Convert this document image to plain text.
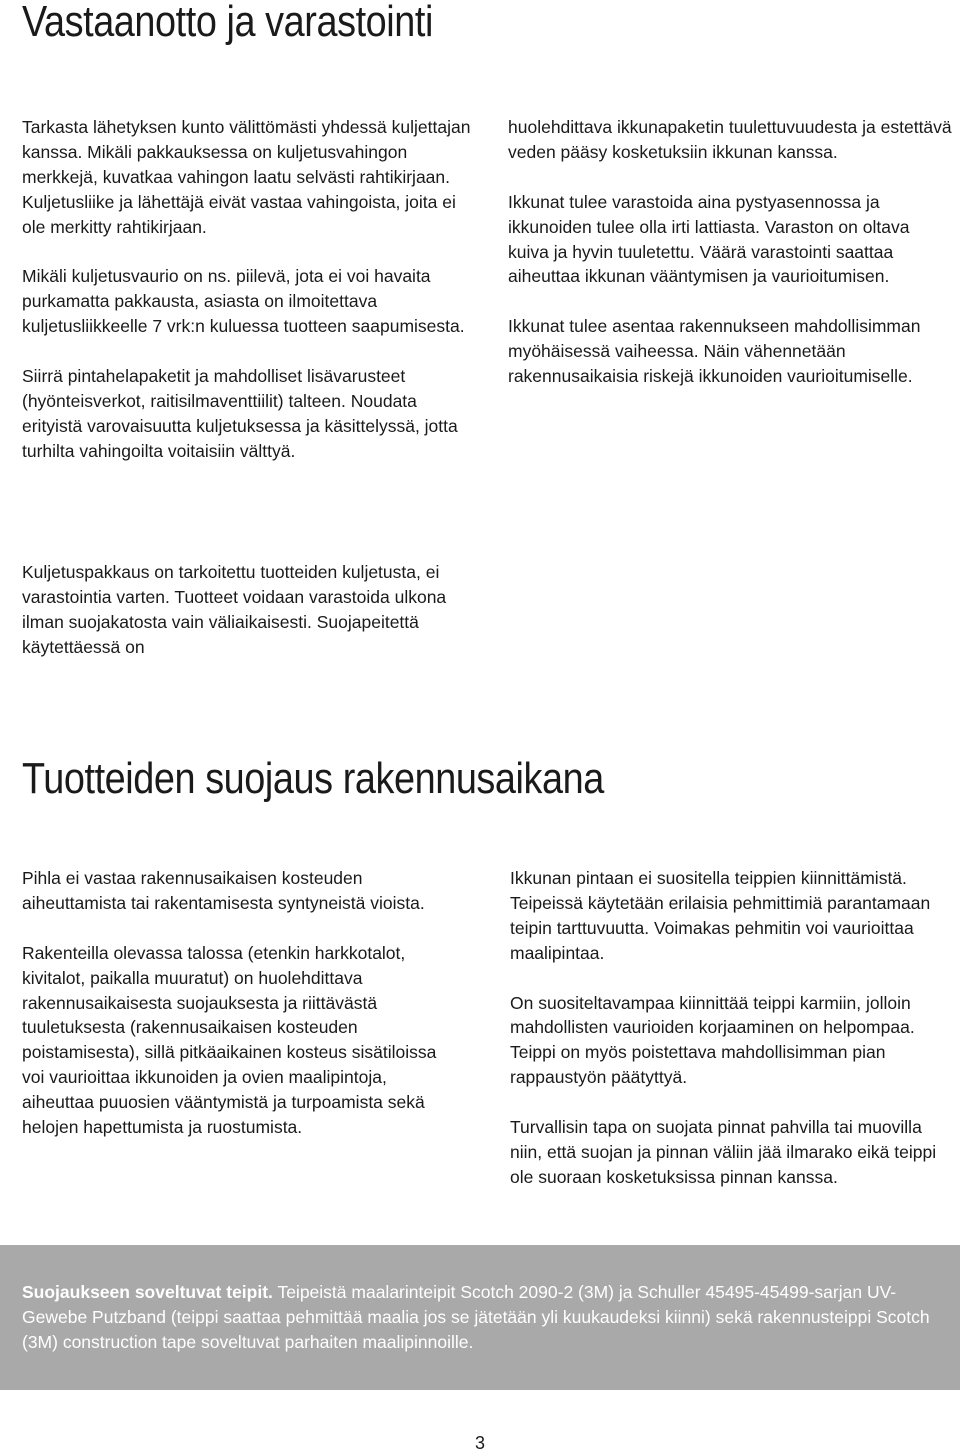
Vastaanotto ja varastointi

Tarkasta lähetyksen kunto välittömästi yhdessä kuljettajan kanssa. Mikäli pakkauksessa on kuljetusvahingon merkkejä, kuvatkaa vahingon laatu selvästi rahtikirjaan. Kuljetusliike ja lähettäjä eivät vastaa vahingoista, joita ei ole merkitty rahtikirjaan.

Mikäli kuljetusvaurio on ns. piilevä, jota ei voi havaita purkamatta pakkausta, asiasta on ilmoitettava kuljetusliikkeelle 7 vrk:n kuluessa tuotteen saapumisesta.

Siirrä pintahelapaketit ja mahdolliset lisävarusteet (hyönteisverkot, raitisilmaventtiilit) talteen. Noudata erityistä varovaisuutta kuljetuksessa ja käsittelyssä, jotta turhilta vahingoilta voitaisiin välttyä.

Kuljetuspakkaus on tarkoitettu tuotteiden kuljetusta, ei varastointia varten. Tuotteet voidaan varastoida ulkona ilman suojakatosta vain väliaikaisesti. Suojapeitettä käytettäessä on

huolehdittava ikkunapaketin tuulettuvuudesta ja estettävä veden pääsy kosketuksiin ikkunan kanssa.

Ikkunat tulee varastoida aina pystyasennossa ja ikkunoiden tulee olla irti lattiasta. Varaston on oltava kuiva ja hyvin tuuletettu. Väärä varastointi saattaa aiheuttaa ikkunan vääntymisen ja vaurioitumisen.

Ikkunat tulee asentaa rakennukseen mahdollisimman myöhäisessä vaiheessa. Näin vähennetään rakennusaikaisia riskejä ikkunoiden vaurioitumiselle.

Tuotteiden suojaus rakennusaikana

Pihla ei vastaa rakennusaikaisen kosteuden aiheuttamista tai rakentamisesta syntyneistä vioista.

Rakenteilla olevassa talossa (etenkin harkkotalot, kivitalot, paikalla muuratut) on huolehdittava rakennusaikaisesta suojauksesta ja riittävästä tuuletuksesta (rakennusaikaisen kosteuden poistamisesta), sillä pitkäaikainen kosteus sisätiloissa voi vaurioittaa ikkunoiden ja ovien maalipintoja, aiheuttaa puuosien vääntymistä ja turpoamista sekä helojen hapettumista ja ruostumista.

Ikkunan pintaan ei suositella teippien kiinnittämistä. Teipeissä käytetään erilaisia pehmittimiä parantamaan teipin tarttuvuutta. Voimakas pehmitin voi vaurioittaa maalipintaa.

On suositeltavampaa kiinnittää teippi karmiin, jolloin mahdollisten vaurioiden korjaaminen on helpompaa. Teippi on myös poistettava mahdollisimman pian rappaustyön päätyttyä.

Turvallisin tapa on suojata pinnat pahvilla tai muovilla niin, että suojan ja pinnan väliin jää ilmarako eikä teippi ole suoraan kosketuksissa pinnan kanssa.

Suojaukseen soveltuvat teipit. Teipeistä maalarinteipit Scotch 2090-2 (3M) ja Schuller 45495-45499-sarjan UV-Gewebe Putzband (teippi saattaa pehmittää maalia jos se jätetään yli kuukaudeksi kiinni) sekä rakennusteippi Scotch (3M) construction tape soveltuvat parhaiten maalipinnoille.

3
